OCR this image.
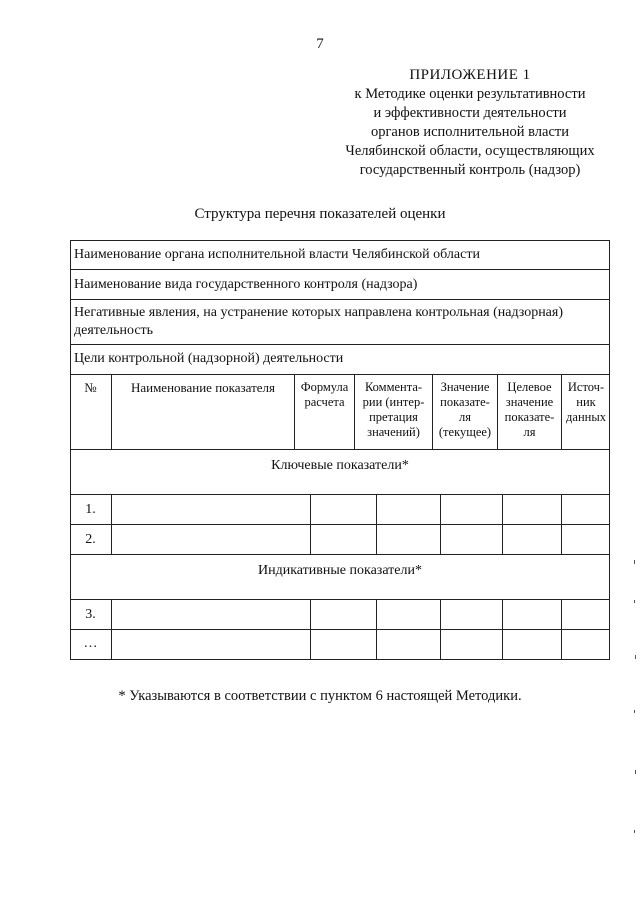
7
ПРИЛОЖЕНИЕ 1
к Методике оценки результативности
и эффективности деятельности
органов исполнительной власти
Челябинской области, осуществляющих
государственный контроль (надзор)
Структура перечня показателей оценки
Наименование органа исполнительной власти Челябинской области
Наименование вида государственного контроля (надзора)
Негативные явления, на устранение которых направлена контрольная (надзорная) деятельность
Цели контрольной (надзорной) деятельности
№	Наименование показателя	Формула
расчета
Коммента-
рии (интер-
претация
значений)
Значение
показате-
ля
(текущее)
Целевое
значение
показате-
ля
Источ-
ник
данных
Ключевые показатели*
1.
2.
Индикативные показатели*
3.
…
* Указываются в соответствии с пунктом 6 настоящей Методики.
